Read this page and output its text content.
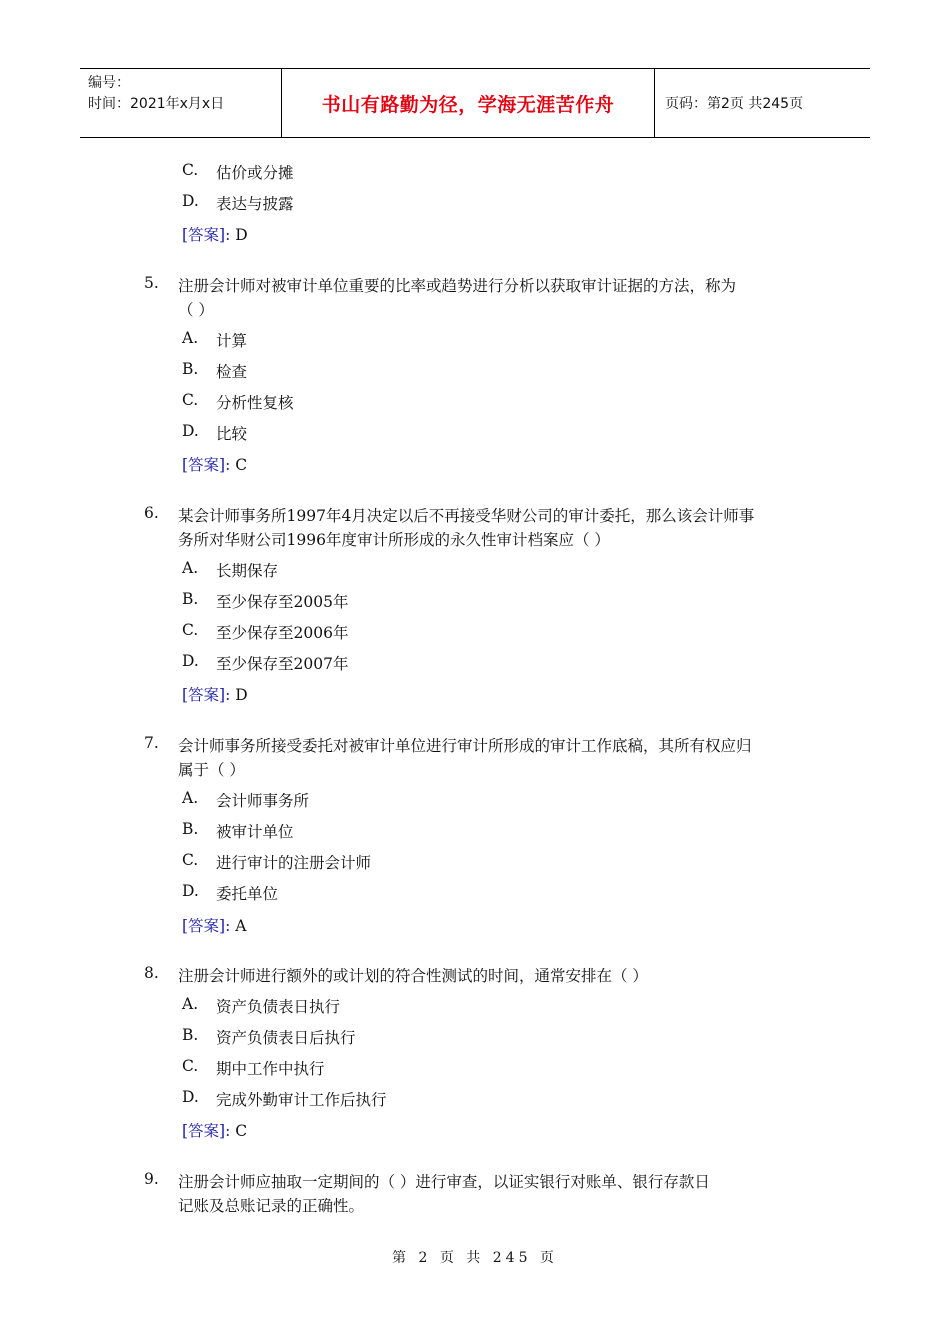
编号：
时间：2021年x月x日	书山有路勤为径，学海无涯苦作舟	页码：第2页 共245页
C. 估价或分摊
D. 表达与披露
[答案]: D
5. 注册会计师对被审计单位重要的比率或趋势进行分析以获取审计证据的方法，称为
（ ）
A. 计算
B. 检查
C. 分析性复核
D. 比较
[答案]: C
6. 某会计师事务所1997年4月决定以后不再接受华财公司的审计委托，那么该会计师事
务所对华财公司1996年度审计所形成的永久性审计档案应（ ）
A. 长期保存
B. 至少保存至2005年
C. 至少保存至2006年
D. 至少保存至2007年
[答案]: D
7. 会计师事务所接受委托对被审计单位进行审计所形成的审计工作底稿，其所有权应归
属于（ ）
A. 会计师事务所
B. 被审计单位
C. 进行审计的注册会计师
D. 委托单位
[答案]: A
8. 注册会计师进行额外的或计划的符合性测试的时间，通常安排在（ ）
A. 资产负债表日执行
B. 资产负债表日后执行
C. 期中工作中执行
D. 完成外勤审计工作后执行
[答案]: C
9. 注册会计师应抽取一定期间的（ ）进行审查，以证实银行对账单、银行存款日
记账及总账记录的正确性。
第 2 页 共 245 页
